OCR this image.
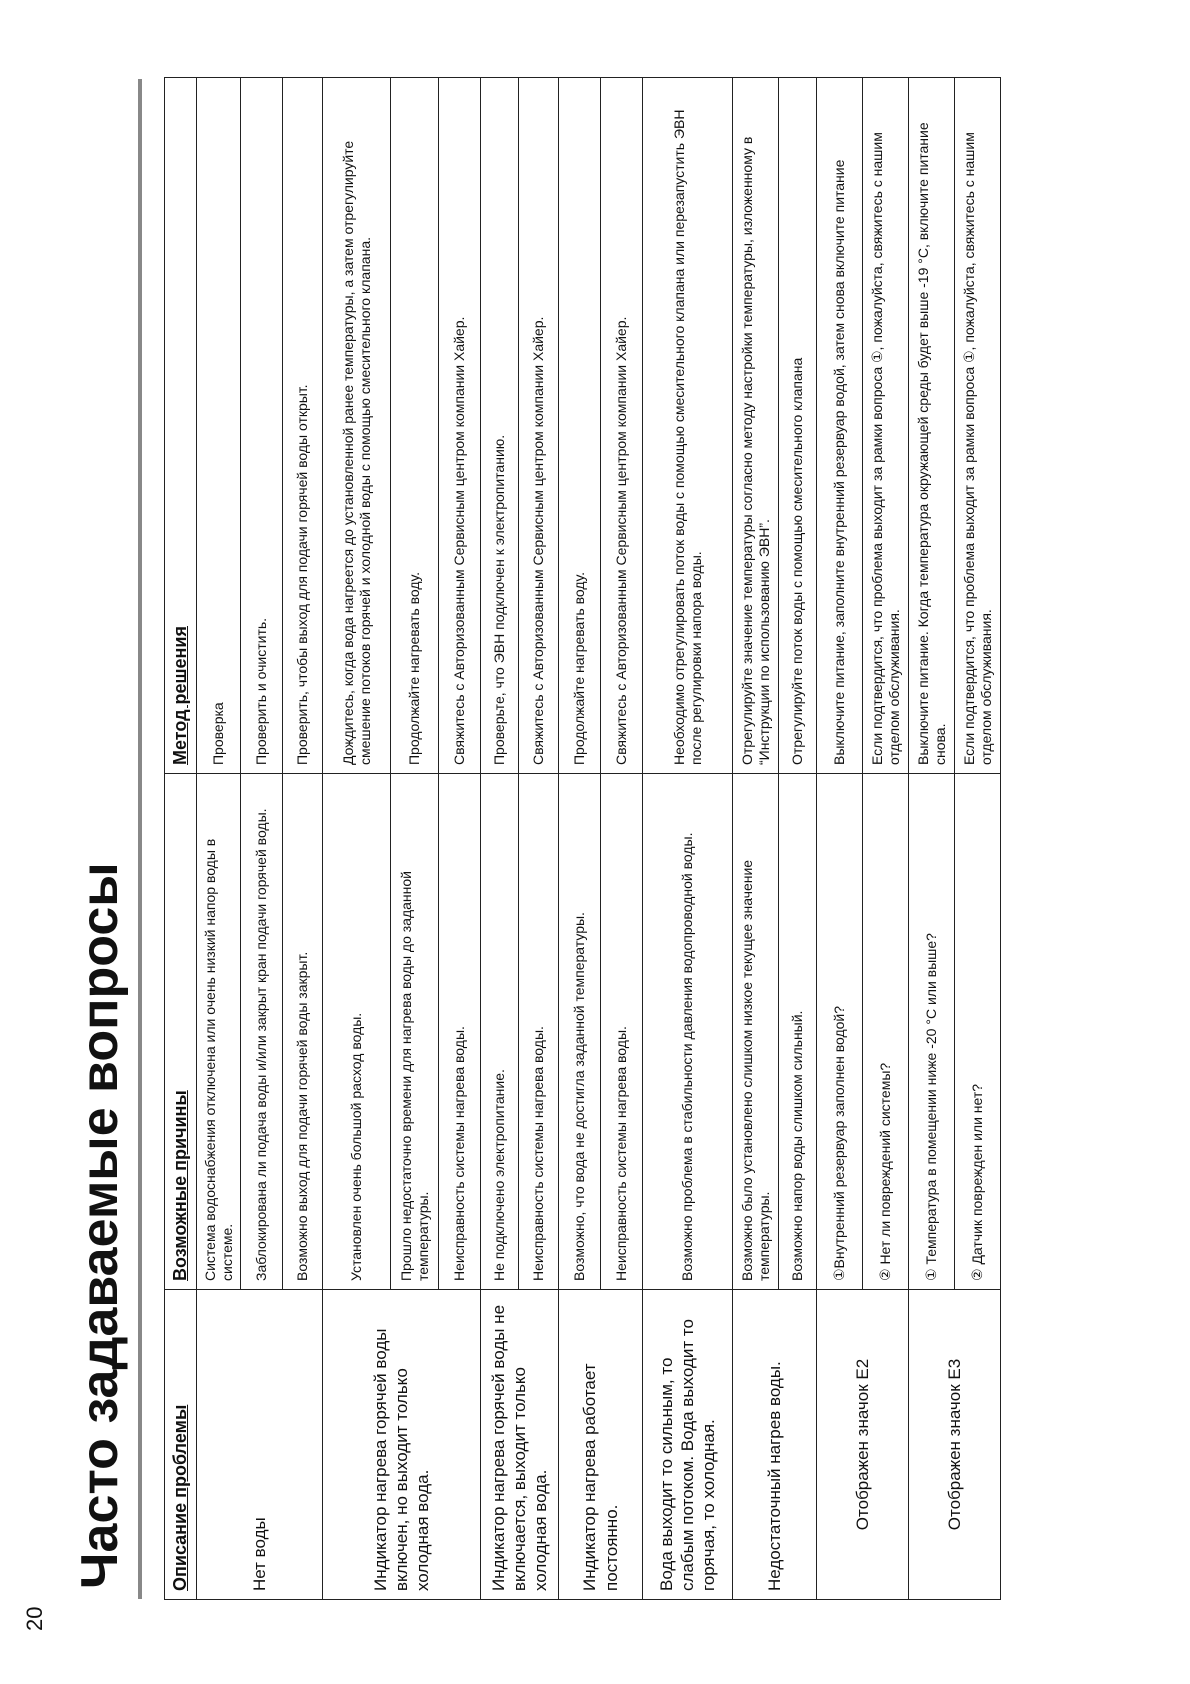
20
Часто задаваемые вопросы Описание проблемы	Возможные причины	Метод решения
Нет воды	Система водоснабжения отключена или очень низкий напор воды в системе.	Проверка
	Заблокирована ли подача воды и/или закрыт кран подачи горячей воды.	Проверить и очистить.
	Возможно выход для подачи горячей воды закрыт.	Проверить, чтобы выход для подачи горячей воды открыт.
Индикатор нагрева горячей воды включен, но выходит только холодная вода.	Установлен очень большой расход воды.	Дождитесь, когда вода нагреется до установленной ранее температуры, а затем отрегулируйте смешение потоков горячей и холодной воды с помощью смесительного клапана.
	Прошло недостаточно времени для нагрева воды до заданной температуры.	Продолжайте нагревать воду.
	Неисправность системы нагрева воды.	Свяжитесь с Авторизованным Сервисным центром компании Хайер.
Индикатор нагрева горячей воды не включается, выходит только холодная вода.	Не подключено электропитание.	Проверьте, что ЭВН подключен к электропитанию.
	Неисправность системы нагрева воды.	Свяжитесь с Авторизованным Сервисным центром компании Хайер.
Индикатор нагрева работает постоянно.	Возможно, что вода не достигла заданной температуры.	Продолжайте нагревать воду.
	Неисправность системы нагрева воды.	Свяжитесь с Авторизованным Сервисным центром компании Хайер.
Вода выходит то сильным, то слабым потоком. Вода выходит то горячая, то холодная.	Возможно проблема в стабильности давления водопроводной воды.	Необходимо отрегулировать поток воды с помощью смесительного клапана или перезапустить ЭВН после регулировки напора воды.
Недостаточный нагрев воды.	Возможно было установлено слишком низкое текущее значение температуры.	Отрегулируйте значение температуры согласно методу настройки температуры, изложенному в “Инструкции по использованию ЭВН”.
	Возможно напор воды слишком сильный.	Отрегулируйте поток воды с помощью смесительного клапана
Отображен значок E2	①Внутренний резервуар заполнен водой?	Выключите питание, заполните внутренний резервуар водой, затем снова включите питание
	② Нет ли повреждений системы?	Если подтвердится, что проблема выходит за рамки вопроса ①, пожалуйста, свяжитесь с нашим отделом обслуживания.
Отображен значок E3	① Температура в помещении ниже -20 °C или выше?	Выключите питание. Когда температура окружающей среды будет выше -19 °C, включите питание снова.
	② Датчик поврежден или нет?	Если подтвердится, что проблема выходит за рамки вопроса ①, пожалуйста, свяжитесь с нашим отделом обслуживания.
